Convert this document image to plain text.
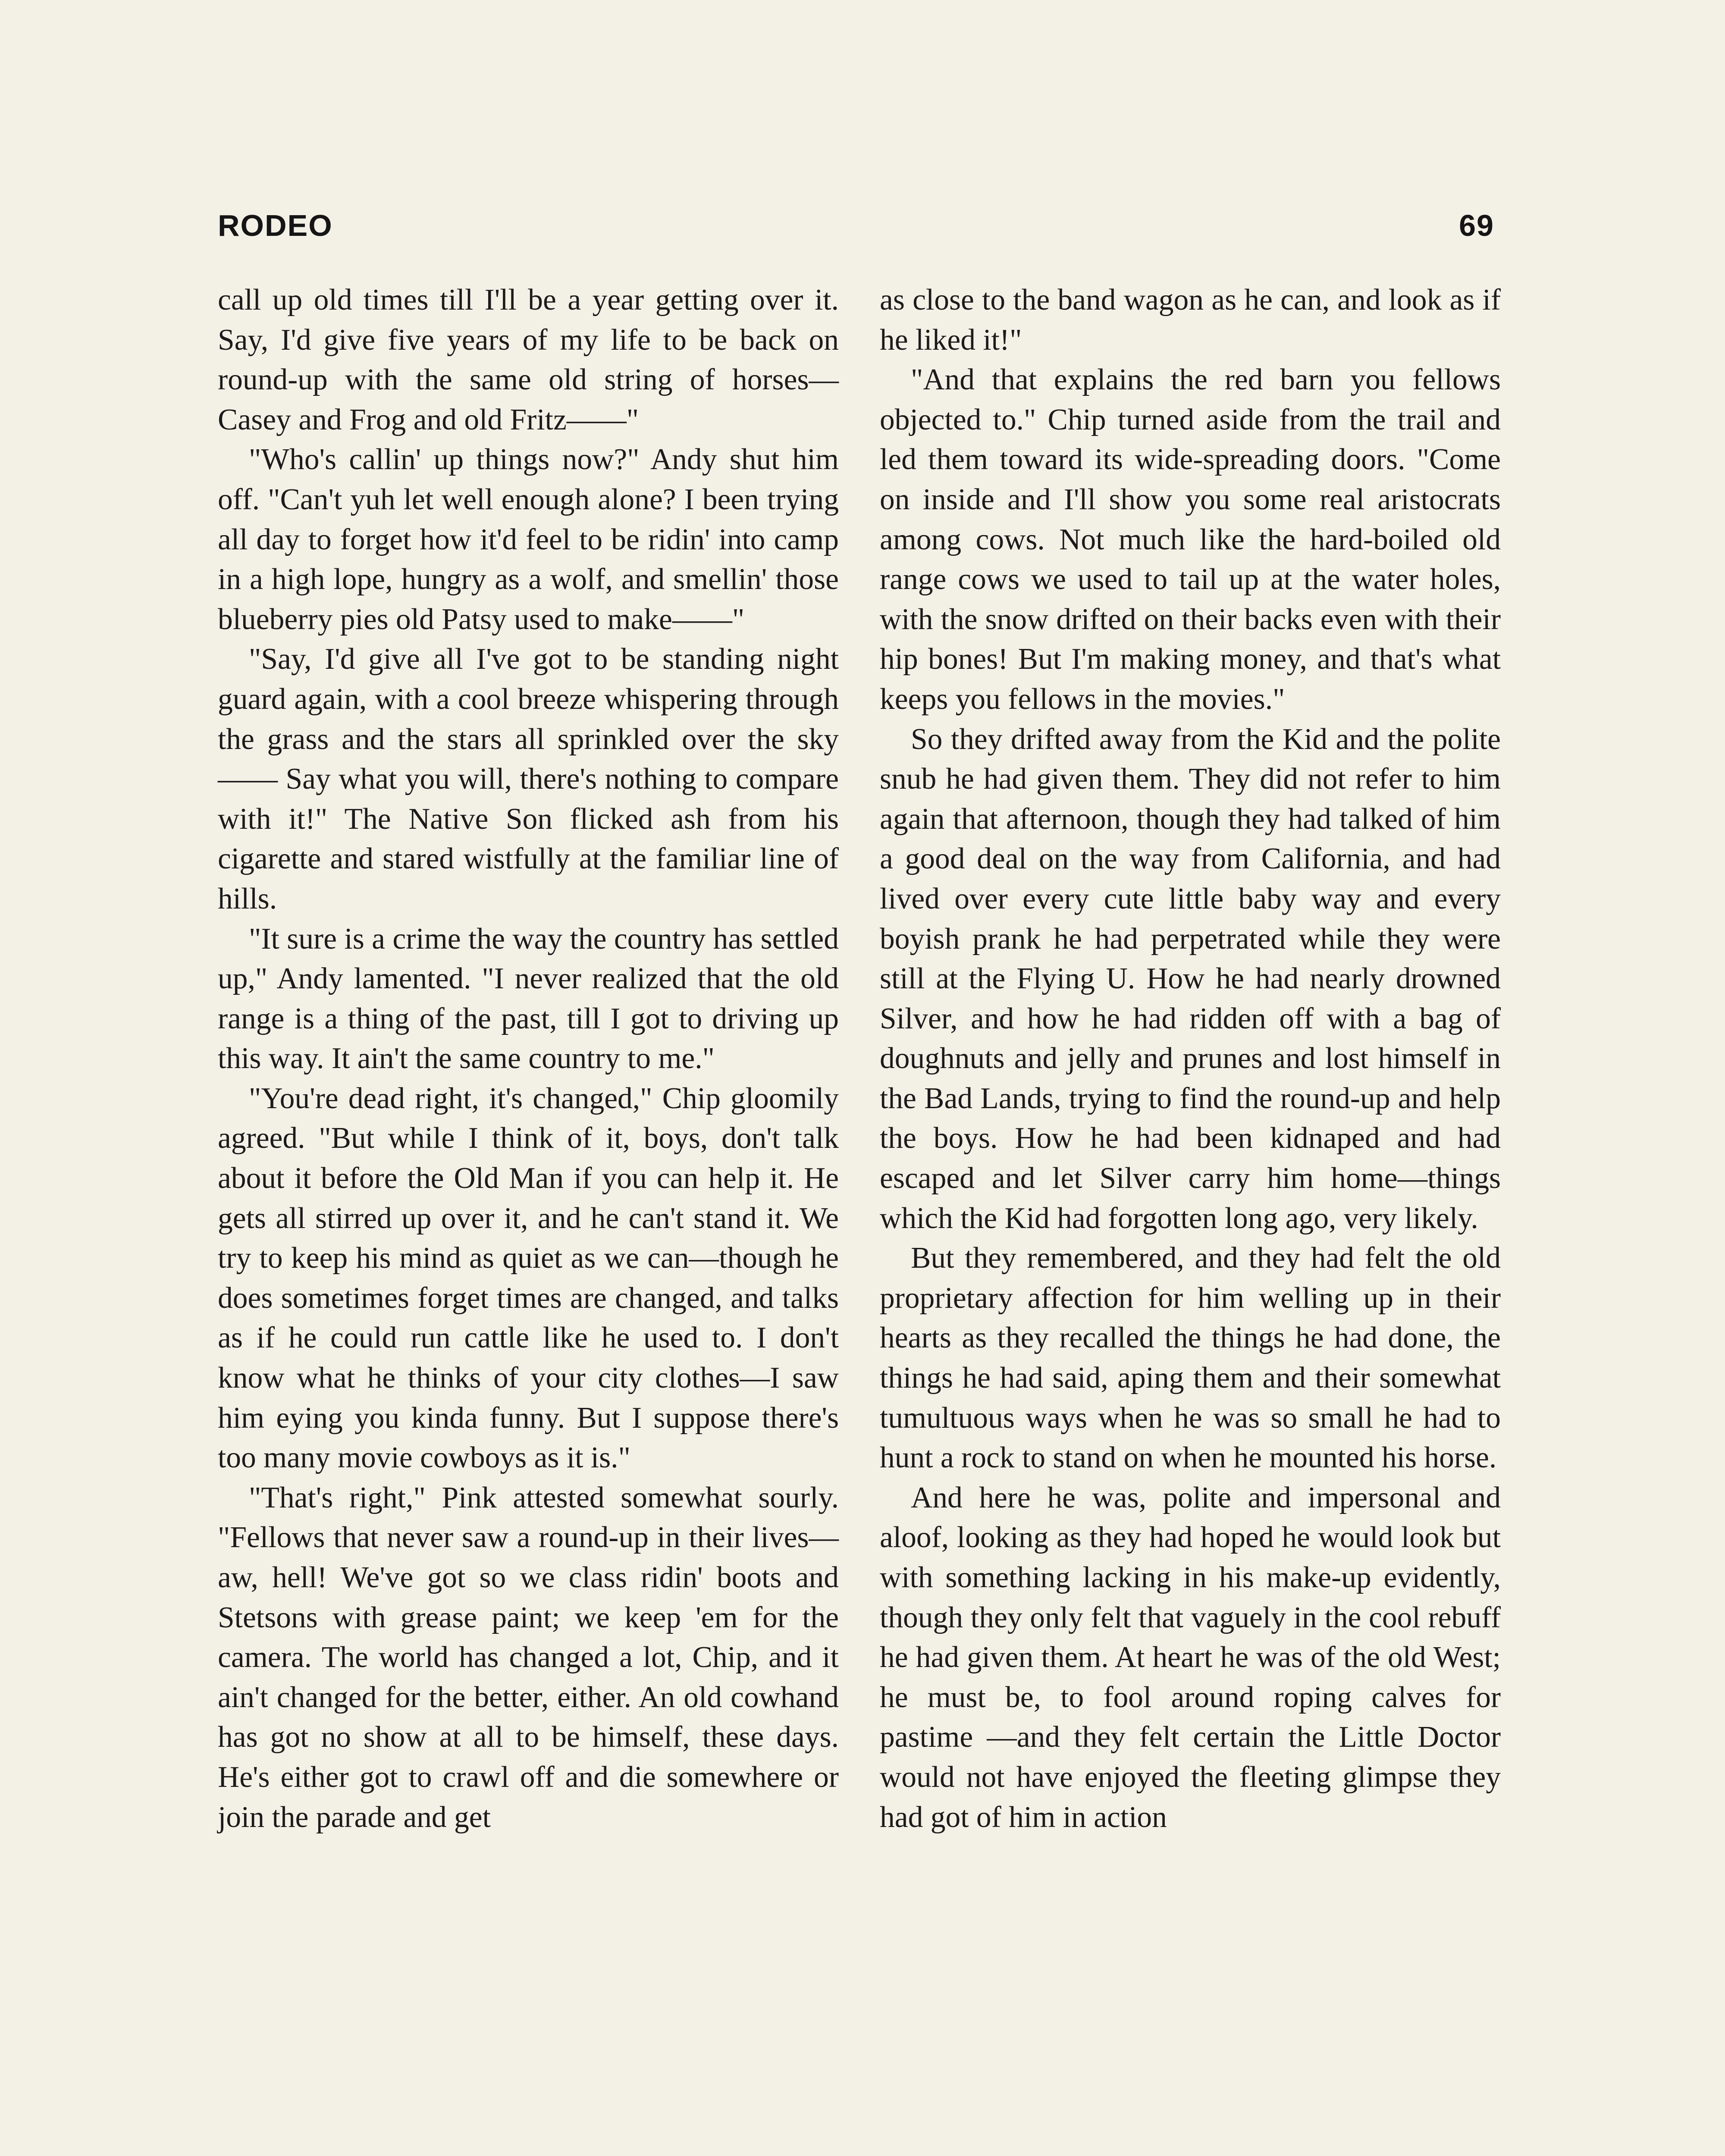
RODEO	69

call up old times till I'll be a year getting over it. Say, I'd give five years of my life to be back on round-up with the same old string of horses—Casey and Frog and old Fritz——"

"Who's callin' up things now?" Andy shut him off. "Can't yuh let well enough alone? I been trying all day to forget how it'd feel to be ridin' into camp in a high lope, hungry as a wolf, and smellin' those blueberry pies old Patsy used to make——"

"Say, I'd give all I've got to be standing night guard again, with a cool breeze whispering through the grass and the stars all sprinkled over the sky—— Say what you will, there's nothing to compare with it!" The Native Son flicked ash from his cigarette and stared wistfully at the familiar line of hills.

"It sure is a crime the way the country has settled up," Andy lamented. "I never realized that the old range is a thing of the past, till I got to driving up this way. It ain't the same country to me."

"You're dead right, it's changed," Chip gloomily agreed. "But while I think of it, boys, don't talk about it before the Old Man if you can help it. He gets all stirred up over it, and he can't stand it. We try to keep his mind as quiet as we can—though he does sometimes forget times are changed, and talks as if he could run cattle like he used to. I don't know what he thinks of your city clothes—I saw him eying you kinda funny. But I suppose there's too many movie cowboys as it is."

"That's right," Pink attested somewhat sourly. "Fellows that never saw a round-up in their lives—aw, hell! We've got so we class ridin' boots and Stetsons with grease paint; we keep 'em for the camera. The world has changed a lot, Chip, and it ain't changed for the better, either. An old cowhand has got no show at all to be himself, these days. He's either got to crawl off and die somewhere or join the parade and get

as close to the band wagon as he can, and look as if he liked it!"

"And that explains the red barn you fellows objected to." Chip turned aside from the trail and led them toward its wide-spreading doors. "Come on inside and I'll show you some real aristocrats among cows. Not much like the hard-boiled old range cows we used to tail up at the water holes, with the snow drifted on their backs even with their hip bones! But I'm making money, and that's what keeps you fellows in the movies."

So they drifted away from the Kid and the polite snub he had given them. They did not refer to him again that afternoon, though they had talked of him a good deal on the way from California, and had lived over every cute little baby way and every boyish prank he had perpetrated while they were still at the Flying U. How he had nearly drowned Silver, and how he had ridden off with a bag of doughnuts and jelly and prunes and lost himself in the Bad Lands, trying to find the round-up and help the boys. How he had been kidnaped and had escaped and let Silver carry him home—things which the Kid had forgotten long ago, very likely.

But they remembered, and they had felt the old proprietary affection for him welling up in their hearts as they recalled the things he had done, the things he had said, aping them and their somewhat tumultuous ways when he was so small he had to hunt a rock to stand on when he mounted his horse.

And here he was, polite and impersonal and aloof, looking as they had hoped he would look but with something lacking in his make-up evidently, though they only felt that vaguely in the cool rebuff he had given them. At heart he was of the old West; he must be, to fool around roping calves for pastime —and they felt certain the Little Doctor would not have enjoyed the fleeting glimpse they had got of him in action
